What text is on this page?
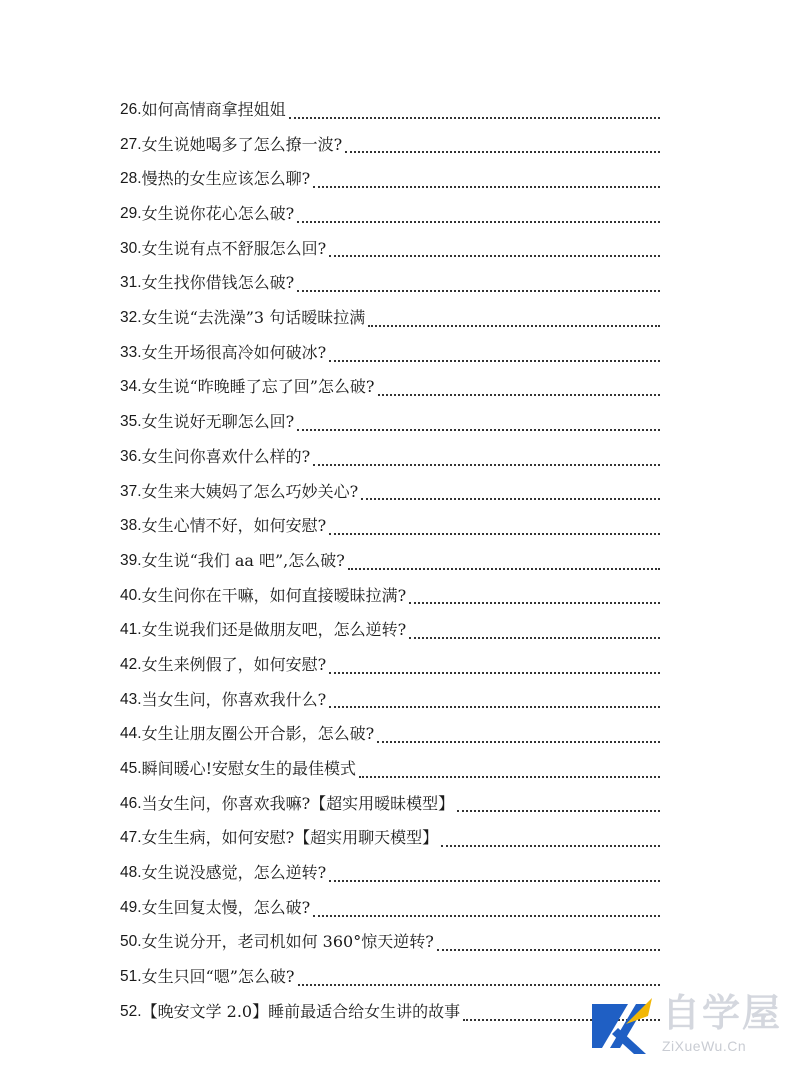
26. 如何高情商拿捏姐姐
27. 女生说她喝多了怎么撩一波?
28. 慢热的女生应该怎么聊?
29. 女生说你花心怎么破?
30. 女生说有点不舒服怎么回?
31. 女生找你借钱怎么破?
32. 女生说“去洗澡”3 句话暧昧拉满
33. 女生开场很高冷如何破冰?
34. 女生说“昨晚睡了忘了回”怎么破?
35. 女生说好无聊怎么回?
36. 女生问你喜欢什么样的?
37. 女生来大姨妈了怎么巧妙关心?
38. 女生心情不好，如何安慰?
39. 女生说“我们 aa 吧”,怎么破?
40. 女生问你在干嘛，如何直接暧昧拉满?
41. 女生说我们还是做朋友吧，怎么逆转?
42. 女生来例假了，如何安慰?
43. 当女生问，你喜欢我什么?
44. 女生让朋友圈公开合影，怎么破?
45. 瞬间暖心!安慰女生的最佳模式
46. 当女生问，你喜欢我嘛?【超实用暧昧模型】
47. 女生生病，如何安慰?【超实用聊天模型】
48. 女生说没感觉，怎么逆转?
49. 女生回复太慢，怎么破?
50. 女生说分开，老司机如何 360°惊天逆转?
51. 女生只回“嗯”怎么破?
52. 【晚安文学 2.0】睡前最适合给女生讲的故事	自学屋
ZiXueWu.Cn
